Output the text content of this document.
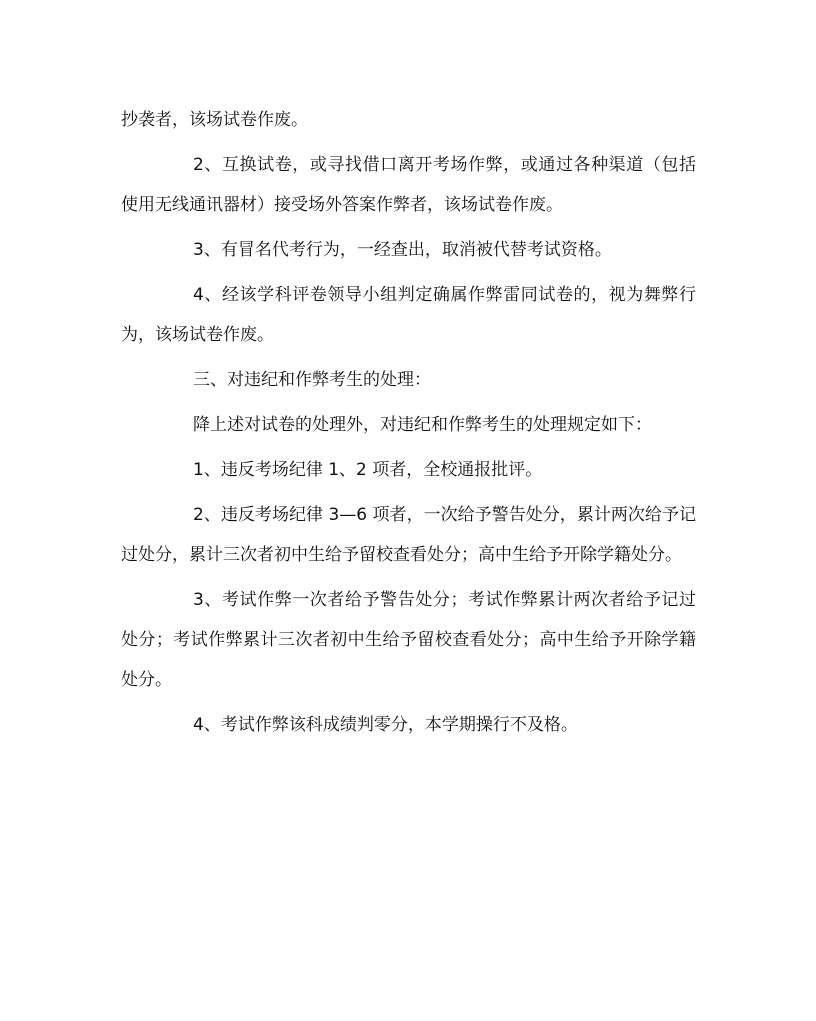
抄袭者，该场试卷作废。

2、互换试卷，或寻找借口离开考场作弊，或通过各种渠道（包括使用无线通讯器材）接受场外答案作弊者，该场试卷作废。

3、有冒名代考行为，一经查出，取消被代替考试资格。

4、经该学科评卷领导小组判定确属作弊雷同试卷的，视为舞弊行为，该场试卷作废。

三、对违纪和作弊考生的处理：

降上述对试卷的处理外，对违纪和作弊考生的处理规定如下：

1、违反考场纪律 1、2 项者，全校通报批评。

2、违反考场纪律 3—6 项者，一次给予警告处分，累计两次给予记过处分，累计三次者初中生给予留校查看处分；高中生给予开除学籍处分。

3、考试作弊一次者给予警告处分；考试作弊累计两次者给予记过处分；考试作弊累计三次者初中生给予留校查看处分；高中生给予开除学籍处分。

4、考试作弊该科成绩判零分，本学期操行不及格。
